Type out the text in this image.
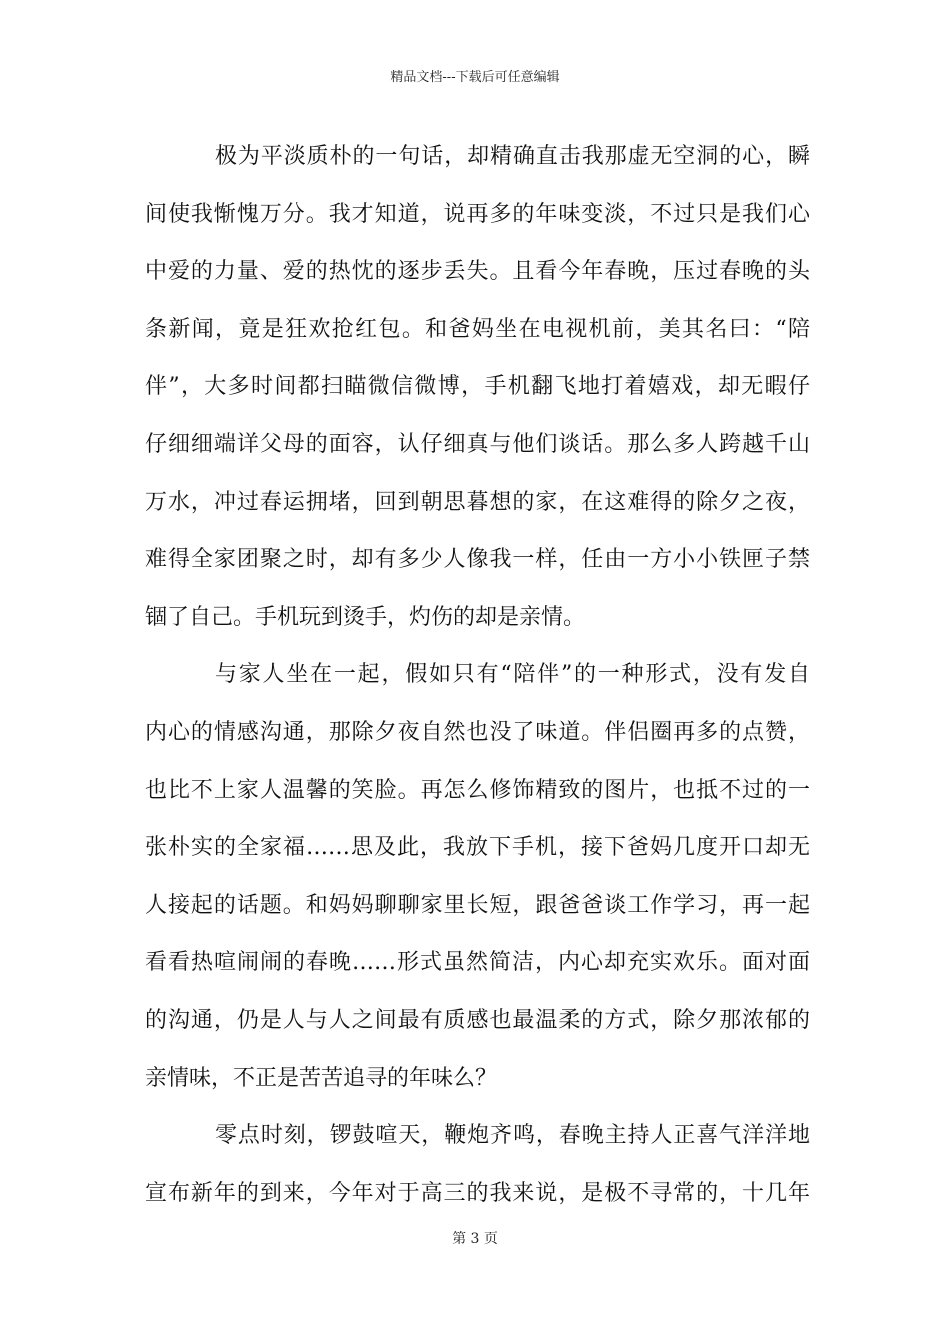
精品文档---下载后可任意编辑
极为平淡质朴的一句话，却精确直击我那虚无空洞的心，瞬
间使我惭愧万分。我才知道，说再多的年味变淡，不过只是我们心
中爱的力量、爱的热忱的逐步丢失。且看今年春晚，压过春晚的头
条新闻，竟是狂欢抢红包。和爸妈坐在电视机前，美其名曰：“陪
伴”，大多时间都扫瞄微信微博，手机翻飞地打着嬉戏，却无暇仔
仔细细端详父母的面容，认仔细真与他们谈话。那么多人跨越千山
万水，冲过春运拥堵，回到朝思暮想的家，在这难得的除夕之夜，
难得全家团聚之时，却有多少人像我一样，任由一方小小铁匣子禁
锢了自己。手机玩到烫手，灼伤的却是亲情。
与家人坐在一起，假如只有“陪伴”的一种形式，没有发自
内心的情感沟通，那除夕夜自然也没了味道。伴侣圈再多的点赞，
也比不上家人温馨的笑脸。再怎么修饰精致的图片，也抵不过的一
张朴实的全家福……思及此，我放下手机，接下爸妈几度开口却无
人接起的话题。和妈妈聊聊家里长短，跟爸爸谈工作学习，再一起
看看热喧闹闹的春晚……形式虽然简洁，内心却充实欢乐。面对面
的沟通，仍是人与人之间最有质感也最温柔的方式，除夕那浓郁的
亲情味，不正是苦苦追寻的年味么？
零点时刻，锣鼓喧天，鞭炮齐鸣，春晚主持人正喜气洋洋地
宣布新年的到来，今年对于高三的我来说，是极不寻常的，十几年
第 3 页
